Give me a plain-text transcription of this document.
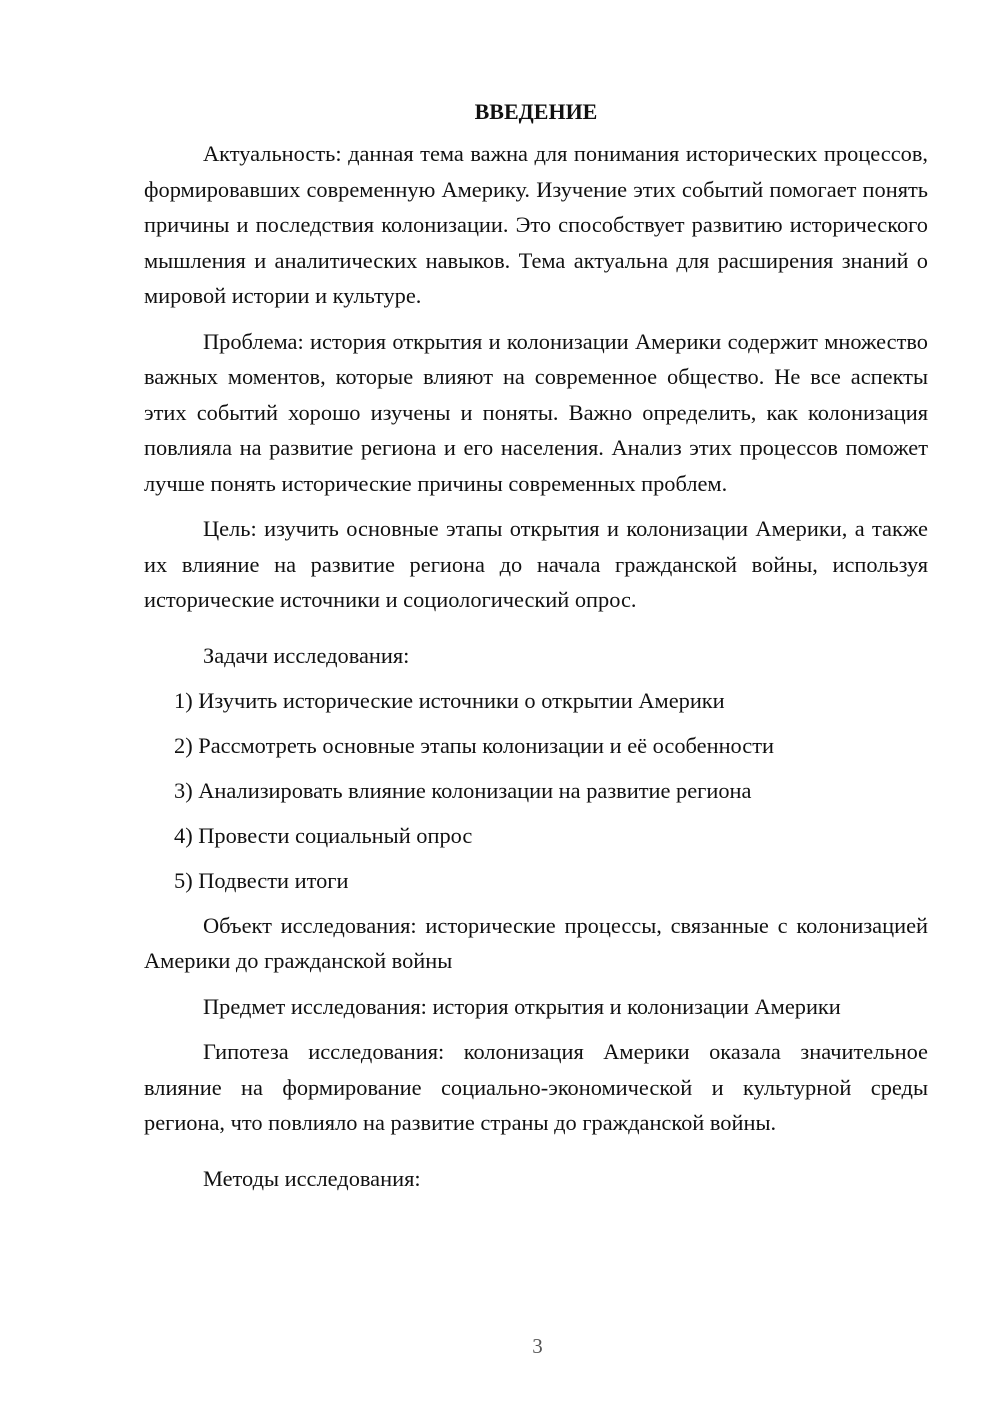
ВВЕДЕНИЕ

Актуальность: данная тема важна для понимания исторических процессов, формировавших современную Америку. Изучение этих событий помогает понять причины и последствия колонизации. Это способствует развитию исторического мышления и аналитических навыков. Тема актуальна для расширения знаний о мировой истории и культуре.

Проблема: история открытия и колонизации Америки содержит множество важных моментов, которые влияют на современное общество. Не все аспекты этих событий хорошо изучены и поняты. Важно определить, как колонизация повлияла на развитие региона и его населения. Анализ этих процессов поможет лучше понять исторические причины современных проблем.

Цель: изучить основные этапы открытия и колонизации Америки, а также их влияние на развитие региона до начала гражданской войны, используя исторические источники и социологический опрос.

Задачи исследования:

1) Изучить исторические источники о открытии Америки

2) Рассмотреть основные этапы колонизации и её особенности

3) Анализировать влияние колонизации на развитие региона

4) Провести социальный опрос

5) Подвести итоги

Объект исследования: исторические процессы, связанные с колонизацией Америки до гражданской войны

Предмет исследования: история открытия и колонизации Америки

Гипотеза исследования: колонизация Америки оказала значительное влияние на формирование социально-экономической и культурной среды региона, что повлияло на развитие страны до гражданской войны.

Методы исследования:

3
